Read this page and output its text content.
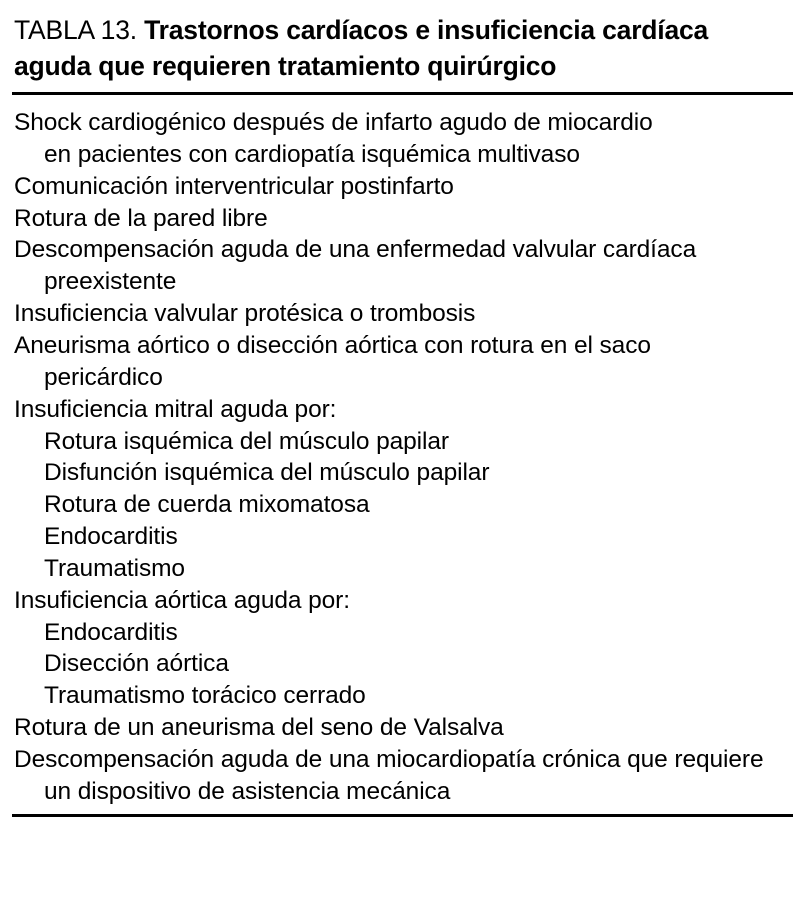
TABLA 13. Trastornos cardíacos e insuficiencia cardíaca aguda que requieren tratamiento quirúrgico
Shock cardiogénico después de infarto agudo de miocardio
en pacientes con cardiopatía isquémica multivaso
Comunicación interventricular postinfarto
Rotura de la pared libre
Descompensación aguda de una enfermedad valvular cardíaca
preexistente
Insuficiencia valvular protésica o trombosis
Aneurisma aórtico o disección aórtica con rotura en el saco
pericárdico
Insuficiencia mitral aguda por:
Rotura isquémica del músculo papilar
Disfunción isquémica del músculo papilar
Rotura de cuerda mixomatosa
Endocarditis
Traumatismo
Insuficiencia aórtica aguda por:
Endocarditis
Disección aórtica
Traumatismo torácico cerrado
Rotura de un aneurisma del seno de Valsalva
Descompensación aguda de una miocardiopatía crónica que requiere
un dispositivo de asistencia mecánica
